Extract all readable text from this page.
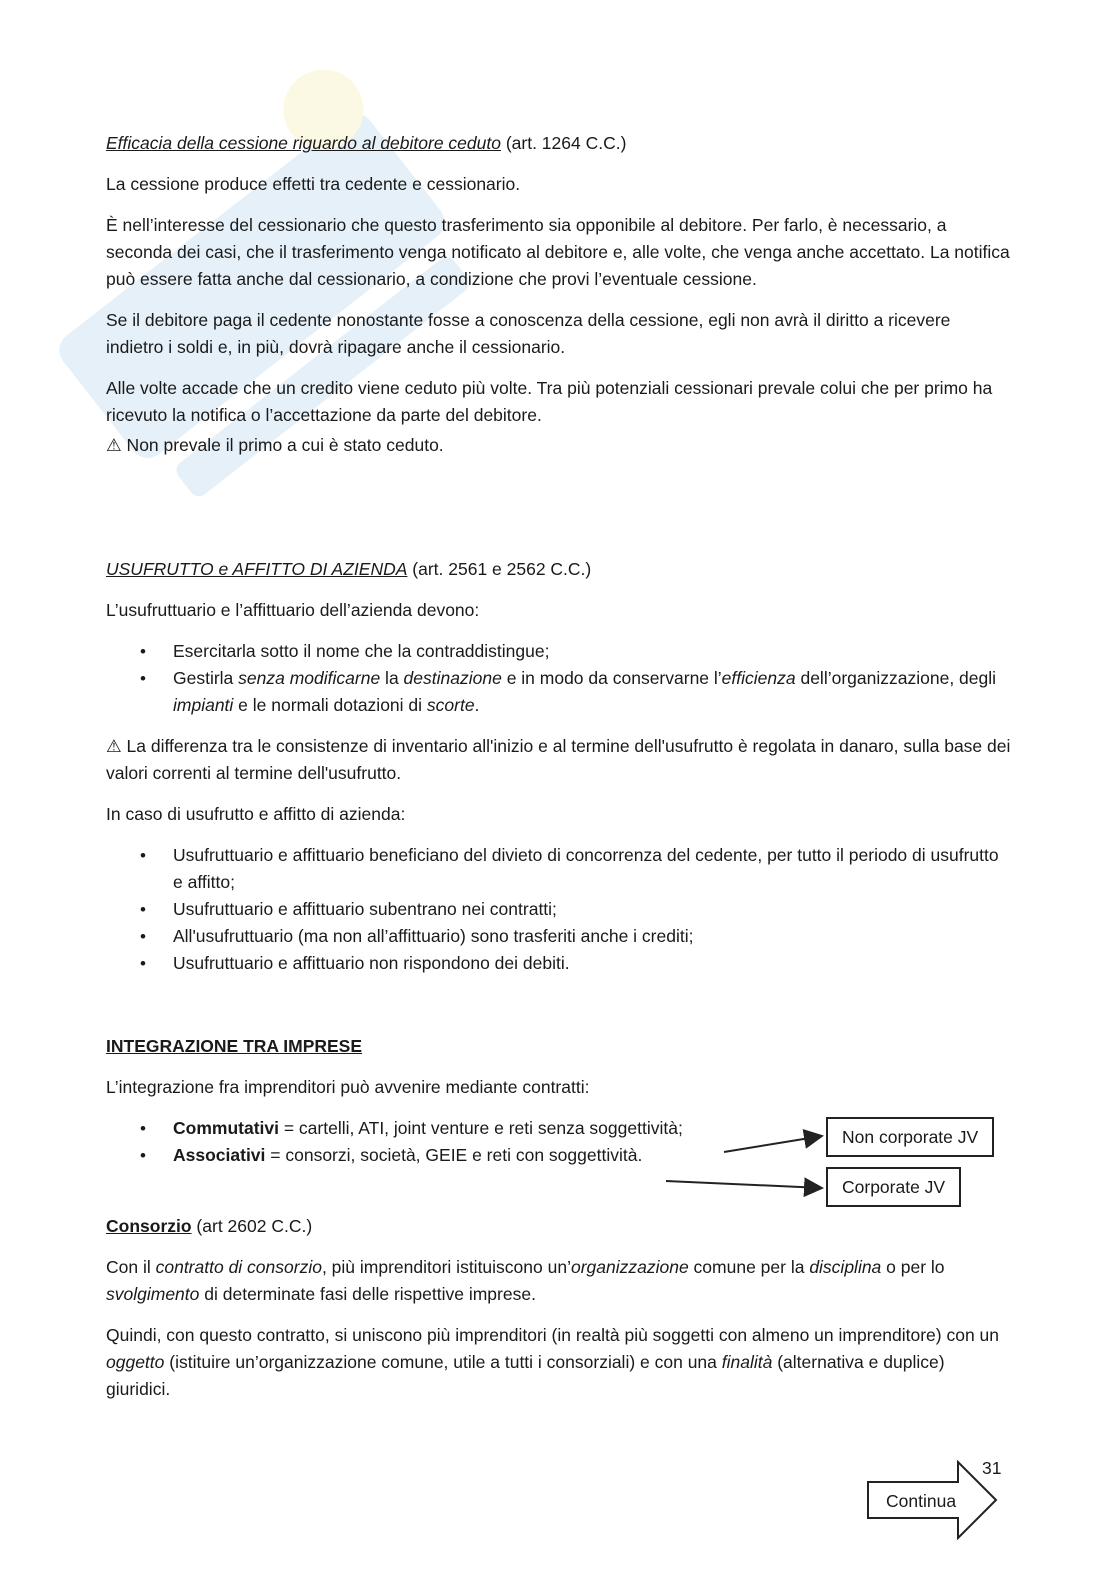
Efficacia della cessione riguardo al debitore ceduto (art. 1264 C.C.)

La cessione produce effetti tra cedente e cessionario.

È nell’interesse del cessionario che questo trasferimento sia opponibile al debitore. Per farlo, è necessario, a seconda dei casi, che il trasferimento venga notificato al debitore e, alle volte, che venga anche accettato. La notifica può essere fatta anche dal cessionario, a condizione che provi l’eventuale cessione.

Se il debitore paga il cedente nonostante fosse a conoscenza della cessione, egli non avrà il diritto a ricevere indietro i soldi e, in più, dovrà ripagare anche il cessionario.

Alle volte accade che un credito viene ceduto più volte. Tra più potenziali cessionari prevale colui che per primo ha ricevuto la notifica o l’accettazione da parte del debitore.

⚠ Non prevale il primo a cui è stato ceduto.

USUFRUTTO e AFFITTO DI AZIENDA (art. 2561 e 2562 C.C.)

L’usufruttuario e l’affittuario dell’azienda devono:

• Esercitarla sotto il nome che la contraddistingue;
• Gestirla senza modificarne la destinazione e in modo da conservarne l’efficienza dell’organizzazione, degli impianti e le normali dotazioni di scorte.

⚠ La differenza tra le consistenze di inventario all'inizio e al termine dell'usufrutto è regolata in danaro, sulla base dei valori correnti al termine dell'usufrutto.

In caso di usufrutto e affitto di azienda:

• Usufruttuario e affittuario beneficiano del divieto di concorrenza del cedente, per tutto il periodo di usufrutto e affitto;
• Usufruttuario e affittuario subentrano nei contratti;
• All'usufruttuario (ma non all’affittuario) sono trasferiti anche i crediti;
• Usufruttuario e affittuario non rispondono dei debiti.

INTEGRAZIONE TRA IMPRESE

L’integrazione fra imprenditori può avvenire mediante contratti:

• Commutativi = cartelli, ATI, joint venture e reti senza soggettività;
• Associativi = consorzi, società, GEIE e reti con soggettività.

Consorzio (art 2602 C.C.)

Con il contratto di consorzio, più imprenditori istituiscono un’organizzazione comune per la disciplina o per lo svolgimento di determinate fasi delle rispettive imprese.

Quindi, con questo contratto, si uniscono più imprenditori (in realtà più soggetti con almeno un imprenditore) con un oggetto (istituire un’organizzazione comune, utile a tutti i consorziali) e con una finalità (alternativa e duplice) giuridici.

Non corporate JV
Corporate JV
31
Continua
